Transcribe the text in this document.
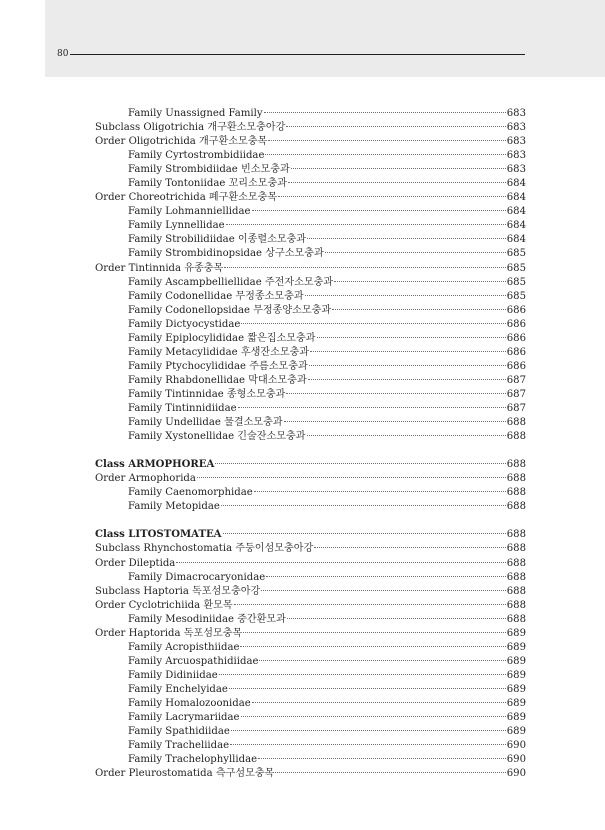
80
Family Unassigned Family	683
Subclass Oligotrichia 개구환소모충아강	683
Order Oligotrichida 개구환소모충목	683
Family Cyrtostrombidiidae	683
Family Strombidiidae 빈소모충과	683
Family Tontoniidae 꼬리소모충과	684
Order Choreotrichida 폐구환소모충목	684
Family Lohmanniellidae	684
Family Lynnellidae	684
Family Strobilidiidae 이종렬소모충과	684
Family Strombidinopsidae 상구소모충과	685
Order Tintinnida 유종충목	685
Family Ascampbelliellidae 주전자소모충과	685
Family Codonellidae 무정종소모충과	685
Family Codonellopsidae 무정종양소모충과	686
Family Dictyocystidae	686
Family Epiplocylididae 짧은집소모충과	686
Family Metacylididae 후생잔소모충과	686
Family Ptychocylididae 주름소모충과	686
Family Rhabdonellidae 막대소모충과	687
Family Tintinnidae 종형소모충과	687
Family Tintinnidiidae	687
Family Undellidae 물결소모충과	688
Family Xystonellidae 긴술잔소모충과	688
Class ARMOPHOREA	688
Order Armophorida	688
Family Caenomorphidae	688
Family Metopidae	688
Class LITOSTOMATEA	688
Subclass Rhynchostomatia 주둥이섬모충아강	688
Order Dileptida	688
Family Dimacrocaryonidae	688
Subclass Haptoria 독포섬모충아강	688
Order Cyclotrichiida 환모목	688
Family Mesodiniidae 중간환모과	688
Order Haptorida 독포섬모충목	689
Family Acropisthiidae	689
Family Arcuospathidiidae	689
Family Didiniidae	689
Family Enchelyidae	689
Family Homalozoonidae	689
Family Lacrymariidae	689
Family Spathidiidae	689
Family Tracheliidae	690
Family Trachelophyllidae	690
Order Pleurostomatida 측구섬모충목	690
